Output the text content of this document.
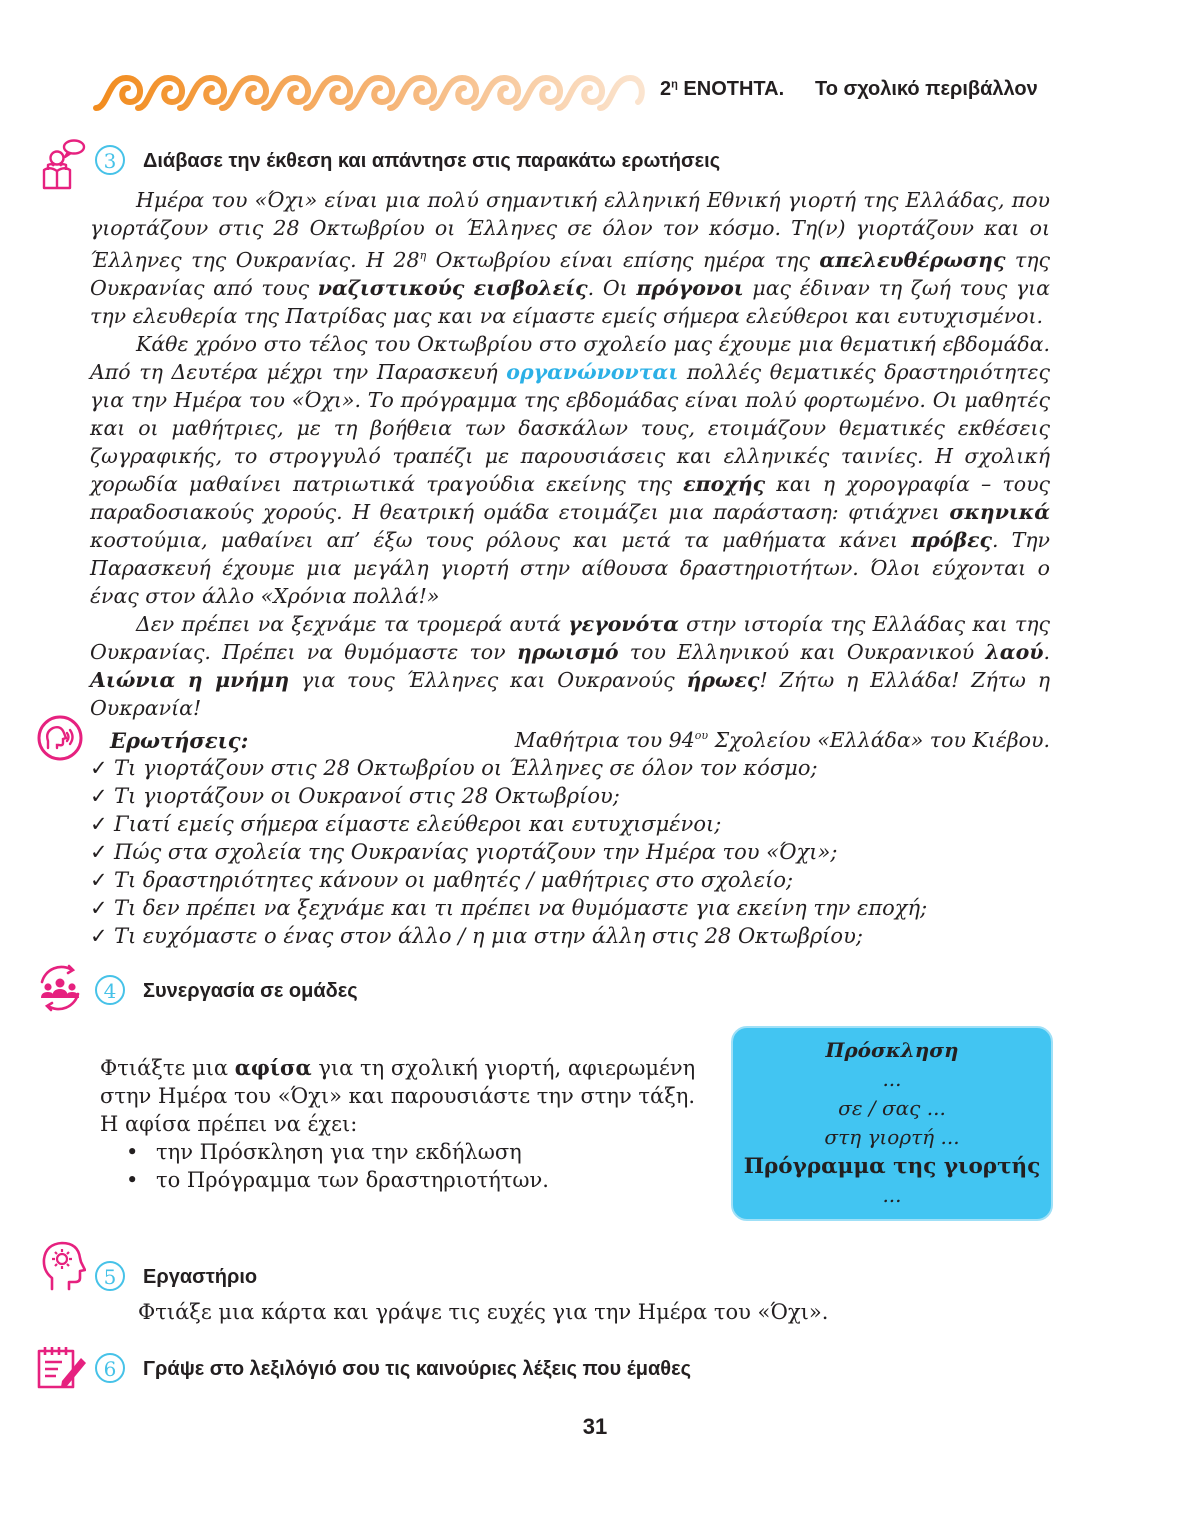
$2^\eta$ ΕΝΟΤΗΤΑ. Το σχολικό περιβάλλον
3	Διάβασε την έκθεση και απάντησε στις παρακάτω ερωτήσεις

Ημέρα του «Όχι» είναι μια πολύ σημαντική ελληνική Εθνική γιορτή της Ελλάδας, που γιορτάζουν στις 28 Οκτωβρίου οι Έλληνες σε όλον τον κόσμο. Τη(ν) γιορτάζουν και οι Έλληνες της Ουκρανίας. Η $28^\eta$ Οκτωβρίου είναι επίσης ημέρα της απελευθέρωσης της Ουκρανίας από τους ναζιστικούς εισβολείς. Οι πρόγονοι μας έδιναν τη ζωή τους για την ελευθερία της Πατρίδας μας και να είμαστε εμείς σήμερα ελεύθεροι και ευτυχισμένοι.

Κάθε χρόνο στο τέλος του Οκτωβρίου στο σχολείο μας έχουμε μια θεματική εβδομάδα. Από τη Δευτέρα μέχρι την Παρασκευή οργανώνονται πολλές θεματικές δραστηριότητες για την Ημέρα του «Όχι». Το πρόγραμμα της εβδομάδας είναι πολύ φορτωμένο. Οι μαθητές και οι μαθήτριες, με τη βοήθεια των δασκάλων τους, ετοιμάζουν θεματικές εκθέσεις ζωγραφικής, το στρογγυλό τραπέζι με παρουσιάσεις και ελληνικές ταινίες. Η σχολική χορωδία μαθαίνει πατριωτικά τραγούδια εκείνης της εποχής και η χορογραφία – τους παραδοσιακούς χορούς. Η θεατρική ομάδα ετοιμάζει μια παράσταση: φτιάχνει σκηνικά κοστούμια, μαθαίνει απ’ έξω τους ρόλους και μετά τα μαθήματα κάνει πρόβες. Την Παρασκευή έχουμε μια μεγάλη γιορτή στην αίθουσα δραστηριοτήτων. Όλοι εύχονται ο ένας στον άλλο «Χρόνια πολλά!»

Δεν πρέπει να ξεχνάμε τα τρομερά αυτά γεγονότα στην ιστορία της Ελλάδας και της Ουκρανίας. Πρέπει να θυμόμαστε τον ηρωισμό του Ελληνικού και Ουκρανικού λαού. Αιώνια η μνήμη για τους Έλληνες και Ουκρανούς ήρωες! Ζήτω η Ελλάδα! Ζήτω η Ουκρανία!

Μαθήτρια του $94^{o\upsilon}$ Σχολείου «Ελλάδα» του Κιέβου.

Ερωτήσεις:
✓ Τι γιορτάζουν στις 28 Οκτωβρίου οι Έλληνες σε όλον τον κόσμο;
✓ Τι γιορτάζουν οι Ουκρανοί στις 28 Οκτωβρίου;
✓ Γιατί εμείς σήμερα είμαστε ελεύθεροι και ευτυχισμένοι;
✓ Πώς στα σχολεία της Ουκρανίας γιορτάζουν την Ημέρα του «Όχι»;
✓ Τι δραστηριότητες κάνουν οι μαθητές / μαθήτριες στο σχολείο;
✓ Τι δεν πρέπει να ξεχνάμε και τι πρέπει να θυμόμαστε για εκείνη την εποχή;
✓ Τι ευχόμαστε ο ένας στον άλλο / η μια στην άλλη στις 28 Οκτωβρίου;
4	Συνεργασία σε ομάδες
Φτιάξτε μια αφίσα για τη σχολική γιορτή, αφιερωμένη στην Ημέρα του «Όχι» και παρουσιάστε την στην τάξη.
Η αφίσα πρέπει να έχει:
• την Πρόσκληση για την εκδήλωση
• το Πρόγραμμα των δραστηριοτήτων.
Πρόσκληση
...
σε / σας ...
στη γιορτή ...
Πρόγραμμα της γιορτής
...
5	Εργαστήριο
Φτιάξε μια κάρτα και γράψε τις ευχές για την Ημέρα του «Όχι».
6	Γράψε στο λεξιλόγιό σου τις καινούριες λέξεις που έμαθες
31
